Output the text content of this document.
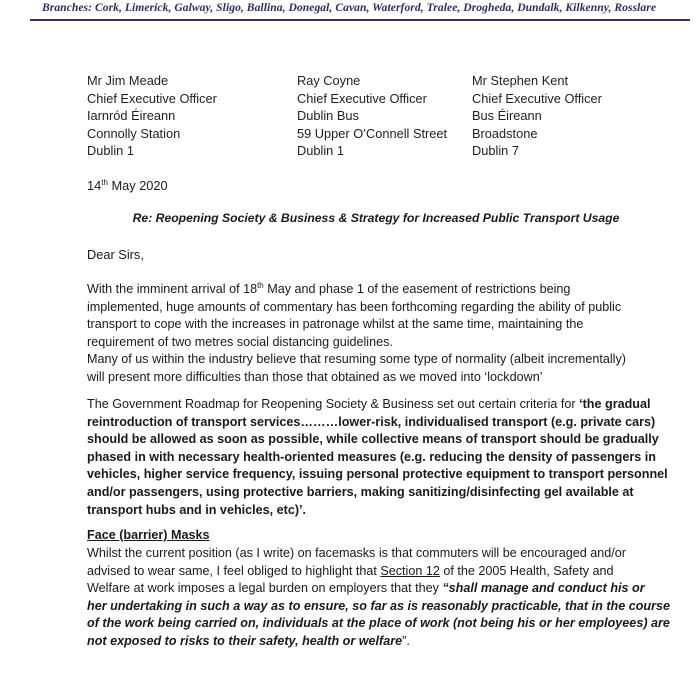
Branches: Cork, Limerick, Galway, Sligo, Ballina, Donegal, Cavan, Waterford, Tralee, Drogheda, Dundalk, Kilkenny, Rosslare
Mr Jim Meade
Chief Executive Officer
Iarnród Éireann
Connolly Station
Dublin 1
Ray Coyne
Chief Executive Officer
Dublin Bus
59 Upper O’Connell Street
Dublin 1
Mr Stephen Kent
Chief Executive Officer
Bus Éireann
Broadstone
Dublin 7
14th May 2020
Re: Reopening Society & Business & Strategy for Increased Public Transport Usage
Dear Sirs,
With the imminent arrival of 18th May and phase 1 of the easement of restrictions being
implemented, huge amounts of commentary has been forthcoming regarding the ability of public
transport to cope with the increases in patronage whilst at the same time, maintaining the
requirement of two metres social distancing guidelines.
Many of us within the industry believe that resuming some type of normality (albeit incrementally)
will present more difficulties than those that obtained as we moved into ‘lockdown’
The Government Roadmap for Reopening Society & Business set out certain criteria for ‘the gradual
reintroduction of transport services………lower-risk, individualised transport (e.g. private cars)
should be allowed as soon as possible, while collective means of transport should be gradually
phased in with necessary health-oriented measures (e.g. reducing the density of passengers in
vehicles, higher service frequency, issuing personal protective equipment to transport personnel
and/or passengers, using protective barriers, making sanitizing/disinfecting gel available at
transport hubs and in vehicles, etc)’.
Face (barrier) Masks
Whilst the current position (as I write) on facemasks is that commuters will be encouraged and/or
advised to wear same, I feel obliged to highlight that Section 12 of the 2005 Health, Safety and
Welfare at work imposes a legal burden on employers that they “shall manage and conduct his or
her undertaking in such a way as to ensure, so far as is reasonably practicable, that in the course
of the work being carried on, individuals at the place of work (not being his or her employees) are
not exposed to risks to their safety, health or welfare”.
